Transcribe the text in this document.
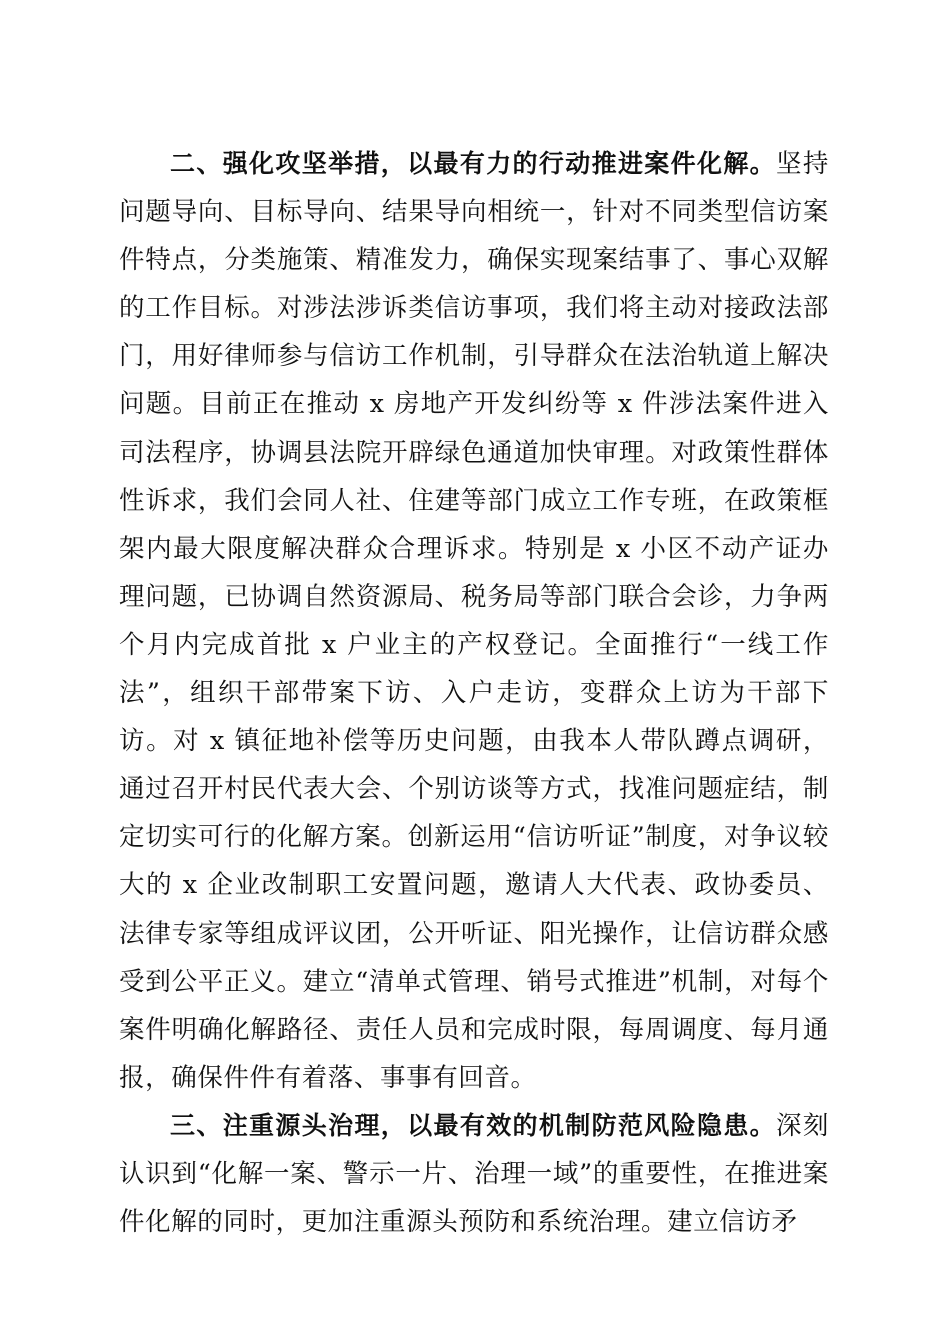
二、强化攻坚举措，以最有力的行动推进案件化解。坚持问题导向、目标导向、结果导向相统一，针对不同类型信访案件特点，分类施策、精准发力，确保实现案结事了、事心双解的工作目标。对涉法涉诉类信访事项，我们将主动对接政法部门，用好律师参与信访工作机制，引导群众在法治轨道上解决问题。目前正在推动 x 房地产开发纠纷等 x 件涉法案件进入司法程序，协调县法院开辟绿色通道加快审理。对政策性群体性诉求，我们会同人社、住建等部门成立工作专班，在政策框架内最大限度解决群众合理诉求。特别是 x 小区不动产证办理问题，已协调自然资源局、税务局等部门联合会诊，力争两个月内完成首批 x 户业主的产权登记。全面推行“一线工作法”，组织干部带案下访、入户走访，变群众上访为干部下访。对 x 镇征地补偿等历史问题，由我本人带队蹲点调研，通过召开村民代表大会、个别访谈等方式，找准问题症结，制定切实可行的化解方案。创新运用“信访听证”制度，对争议较大的 x 企业改制职工安置问题，邀请人大代表、政协委员、法律专家等组成评议团，公开听证、阳光操作，让信访群众感受到公平正义。建立“清单式管理、销号式推进”机制，对每个案件明确化解路径、责任人员和完成时限，每周调度、每月通报，确保件件有着落、事事有回音。

三、注重源头治理，以最有效的机制防范风险隐患。深刻认识到“化解一案、警示一片、治理一域”的重要性，在推进案件化解的同时，更加注重源头预防和系统治理。建立信访矛
